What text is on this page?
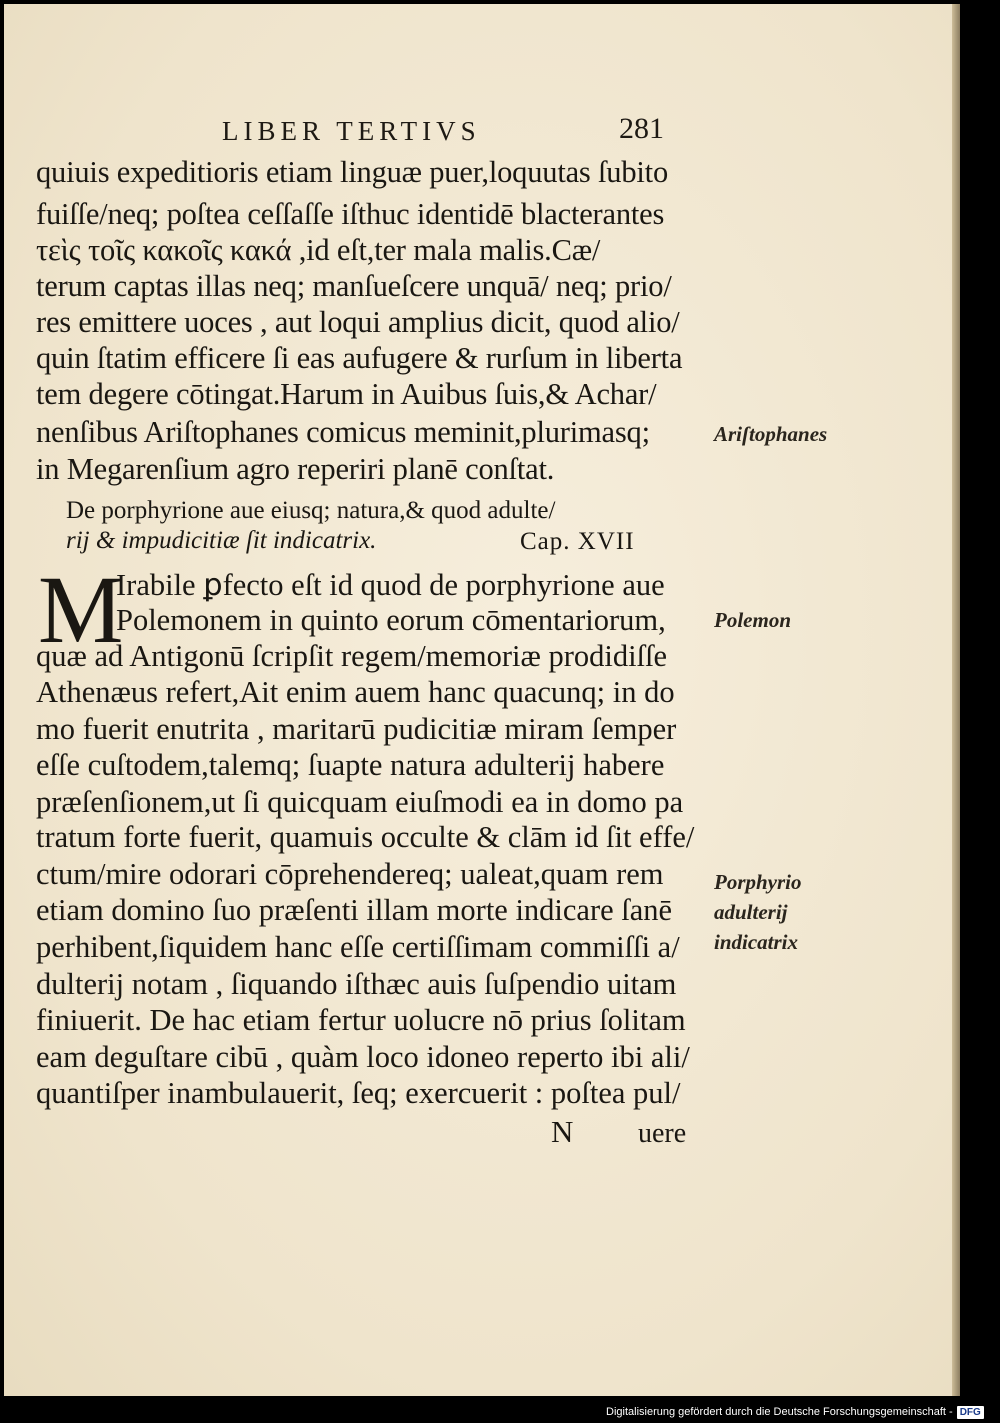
LIBER TERTIVS	281
quiuis expeditioris etiam linguæ puer,loquutas ſubito
fuiſſe/neq; poſtea ceſſaſſe iſthuc identidē blacterantes
τεὶς τοῖς κακοῖς κακά ,id eſt,ter mala malis.Cæ/
terum captas illas neq; manſueſcere unquā/ neq; prio/
res emittere uoces , aut loqui amplius dicit, quod alio/
quin ſtatim efficere ſi eas aufugere & rurſum in liberta
tem degere cōtingat.Harum in Auibus ſuis,& Achar/
nenſibus Ariſtophanes comicus meminit,plurimasq;
in Megarenſium agro reperiri planē conſtat.
De porphyrione aue eiusq; natura,& quod adulte/
rij & impudicitiæ ſit indicatrix.	Cap. XVII
M
Irabile ꝑfecto eſt id quod de porphyrione aue
Polemonem in quinto eorum cōmentariorum,
quæ ad Antigonū ſcripſit regem/memoriæ prodidiſſe
Athenæus refert,Ait enim auem hanc quacunq; in do
mo fuerit enutrita , maritarū pudicitiæ miram ſemper
eſſe cuſtodem,talemq; ſuapte natura adulterij habere
præſenſionem,ut ſi quicquam eiuſmodi ea in domo pa
tratum forte fuerit, quamuis occulte & clām id ſit effe/
ctum/mire odorari cōprehendereq; ualeat,quam rem
etiam domino ſuo præſenti illam morte indicare ſanē
perhibent,ſiquidem hanc eſſe certiſſimam commiſſi a/
dulterij notam , ſiquando iſthæc auis ſuſpendio uitam
finiuerit. De hac etiam fertur uolucre nō prius ſolitam
eam deguſtare cibū , quàm loco idoneo reperto ibi ali/
quantiſper inambulauerit, ſeq; exercuerit : poſtea pul/
Ariſtophanes
Polemon
Porphyrio
adulterij
indicatrix
N uere
Digitalisierung gefördert durch die Deutsche Forschungsgemeinschaft - DFG
